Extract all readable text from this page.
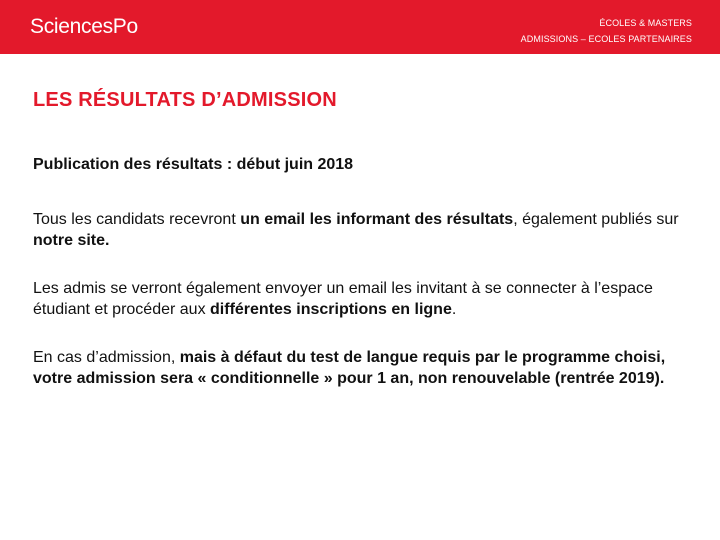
SciencesPo	ÉCOLES & MASTERS
ADMISSIONS – ECOLES PARTENAIRES
LES RÉSULTATS D’ADMISSION

Publication des résultats : début juin 2018

Tous les candidats recevront un email les informant des résultats, également publiés sur notre site.

Les admis se verront également envoyer un email les invitant à se connecter à l’espace étudiant et procéder aux différentes inscriptions en ligne.

En cas d’admission, mais à défaut du test de langue requis par le programme choisi, votre admission sera « conditionnelle » pour 1 an, non renouvelable (rentrée 2019).
